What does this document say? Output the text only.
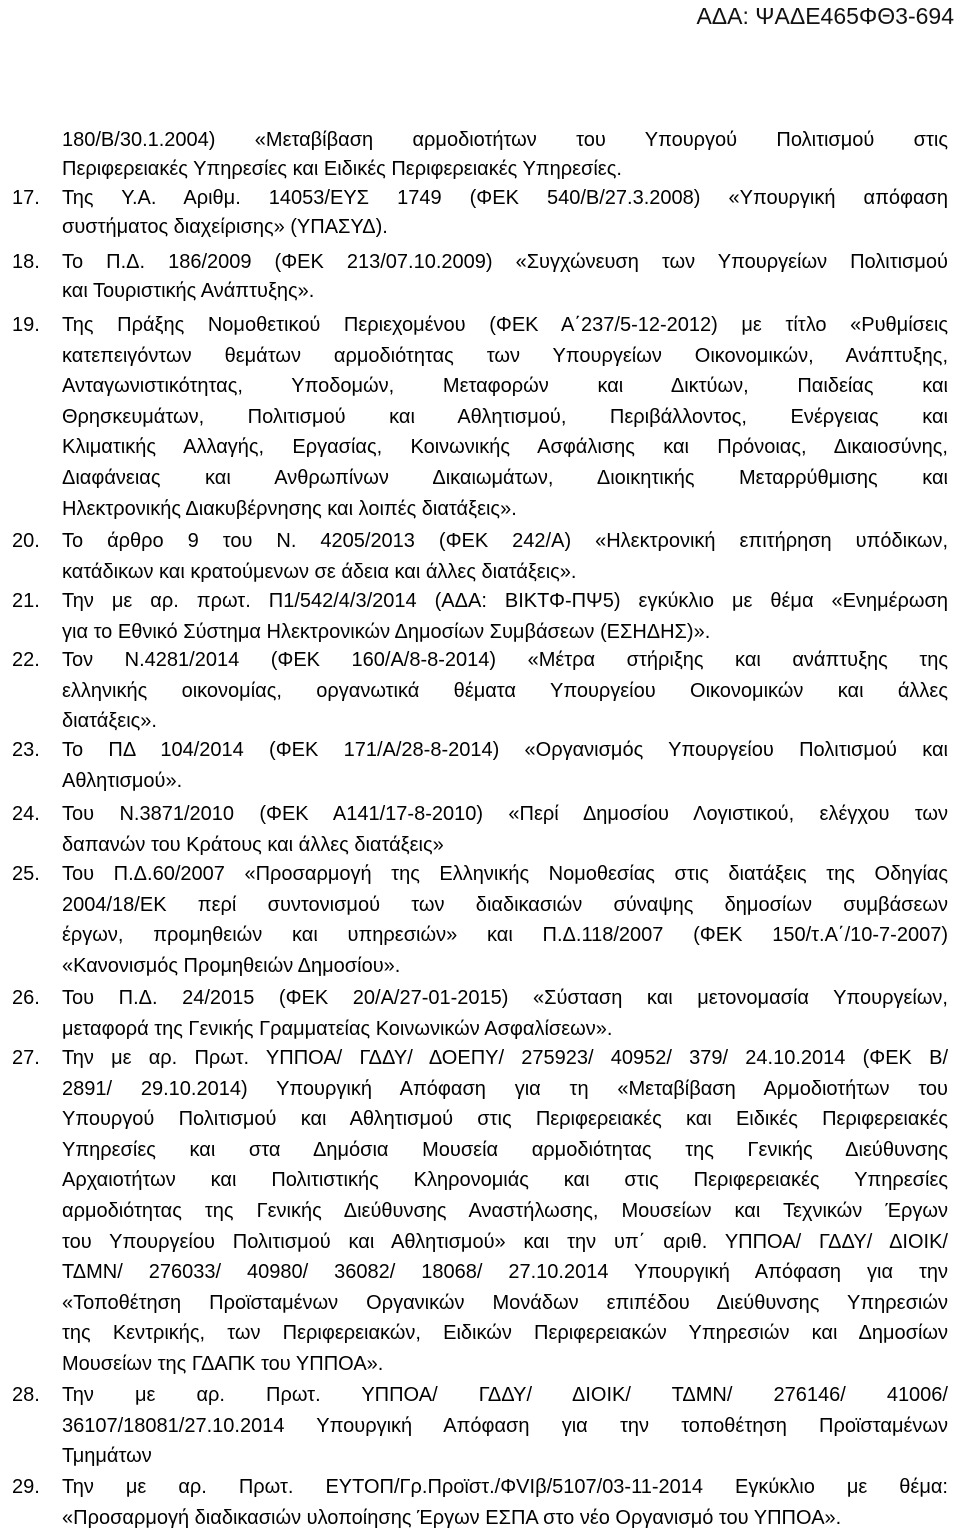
ΑΔΑ: ΨΑΔΕ465ΦΘ3-694
180/Β/30.1.2004) «Μεταβίβαση αρμοδιοτήτων του Υπουργού Πολιτισμού στις
Περιφερειακές Υπηρεσίες και Ειδικές Περιφερειακές Υπηρεσίες.
17.	Της Υ.Α. Αριθμ. 14053/ΕΥΣ 1749 (ΦΕΚ 540/Β/27.3.2008) «Υπουργική απόφαση
συστήματος διαχείρισης» (ΥΠΑΣΥΔ).
18.	Το Π.Δ. 186/2009 (ΦΕΚ 213/07.10.2009) «Συγχώνευση των Υπουργείων Πολιτισμού
και Τουριστικής Ανάπτυξης».
19.	Της Πράξης Νομοθετικού Περιεχομένου (ΦΕΚ Α΄237/5-12-2012) με τίτλο «Ρυθμίσεις
κατεπειγόντων θεμάτων αρμοδιότητας των Υπουργείων Οικονομικών, Ανάπτυξης,
Ανταγωνιστικότητας, Υποδομών, Μεταφορών και Δικτύων, Παιδείας και
Θρησκευμάτων, Πολιτισμού και Αθλητισμού, Περιβάλλοντος, Ενέργειας και
Κλιματικής Αλλαγής, Εργασίας, Κοινωνικής Ασφάλισης και Πρόνοιας, Δικαιοσύνης,
Διαφάνειας και Ανθρωπίνων Δικαιωμάτων, Διοικητικής Μεταρρύθμισης και
Ηλεκτρονικής Διακυβέρνησης και λοιπές διατάξεις».
20.	Το άρθρο 9 του Ν. 4205/2013 (ΦΕΚ 242/Α) «Ηλεκτρονική επιτήρηση υπόδικων,
κατάδικων και κρατούμενων σε άδεια και άλλες διατάξεις».
21.	Την με αρ. πρωτ. Π1/542/4/3/2014 (ΑΔΑ: ΒΙΚΤΦ-ΠΨ5) εγκύκλιο με θέμα «Ενημέρωση
για το Εθνικό Σύστημα Ηλεκτρονικών Δημοσίων Συμβάσεων (ΕΣΗΔΗΣ)».
22.	Τον Ν.4281/2014 (ΦΕΚ 160/Α/8-8-2014) «Μέτρα στήριξης και ανάπτυξης της
ελληνικής οικονομίας, οργανωτικά θέματα Υπουργείου Οικονομικών και άλλες
διατάξεις».
23.	Το ΠΔ 104/2014 (ΦΕΚ 171/Α/28-8-2014) «Οργανισμός Υπουργείου Πολιτισμού και
Αθλητισμού».
24.	Του Ν.3871/2010 (ΦΕΚ Α141/17-8-2010) «Περί Δημοσίου Λογιστικού, ελέγχου των
δαπανών του Κράτους και άλλες διατάξεις»
25.	Του Π.Δ.60/2007 «Προσαρμογή της Ελληνικής Νομοθεσίας στις διατάξεις της Οδηγίας
2004/18/ΕΚ περί συντονισμού των διαδικασιών σύναψης δημοσίων συμβάσεων
έργων, προμηθειών και υπηρεσιών» και Π.Δ.118/2007 (ΦΕΚ 150/τ.Α΄/10-7-2007)
«Κανονισμός Προμηθειών Δημοσίου».
26.	Του Π.Δ. 24/2015 (ΦΕΚ 20/Α/27-01-2015) «Σύσταση και μετονομασία Υπουργείων,
μεταφορά της Γενικής Γραμματείας Κοινωνικών Ασφαλίσεων».
27.	Την με αρ. Πρωτ. ΥΠΠΟΑ/ ΓΔΔΥ/ ΔΟΕΠΥ/ 275923/ 40952/ 379/ 24.10.2014 (ΦΕΚ Β/
2891/ 29.10.2014) Υπουργική Απόφαση για τη «Μεταβίβαση Αρμοδιοτήτων του
Υπουργού Πολιτισμού και Αθλητισμού στις Περιφερειακές και Ειδικές Περιφερειακές
Υπηρεσίες και στα Δημόσια Μουσεία αρμοδιότητας της Γενικής Διεύθυνσης
Αρχαιοτήτων και Πολιτιστικής Κληρονομιάς και στις Περιφερειακές Υπηρεσίες
αρμοδιότητας της Γενικής Διεύθυνσης Αναστήλωσης, Μουσείων και Τεχνικών Έργων
του Υπουργείου Πολιτισμού και Αθλητισμού» και την υπ΄ αριθ. ΥΠΠΟΑ/ ΓΔΔΥ/ ΔΙΟΙΚ/
ΤΔΜΝ/ 276033/ 40980/ 36082/ 18068/ 27.10.2014 Υπουργική Απόφαση για την
«Τοποθέτηση Προϊσταμένων Οργανικών Μονάδων επιπέδου Διεύθυνσης Υπηρεσιών
της Κεντρικής, των Περιφερειακών, Ειδικών Περιφερειακών Υπηρεσιών και Δημοσίων
Μουσείων της ΓΔΑΠΚ του ΥΠΠΟΑ».
28.	Την με αρ. Πρωτ. ΥΠΠΟΑ/ ΓΔΔΥ/ ΔΙΟΙΚ/ ΤΔΜΝ/ 276146/ 41006/
36107/18081/27.10.2014 Υπουργική Απόφαση για την τοποθέτηση Προϊσταμένων
Τμημάτων
29.	Την με αρ. Πρωτ. ΕΥΤΟΠ/Γρ.Προϊστ./ΦVΙβ/5107/03-11-2014 Εγκύκλιο με θέμα:
«Προσαρμογή διαδικασιών υλοποίησης Έργων ΕΣΠΑ στο νέο Οργανισμό του ΥΠΠΟΑ».
